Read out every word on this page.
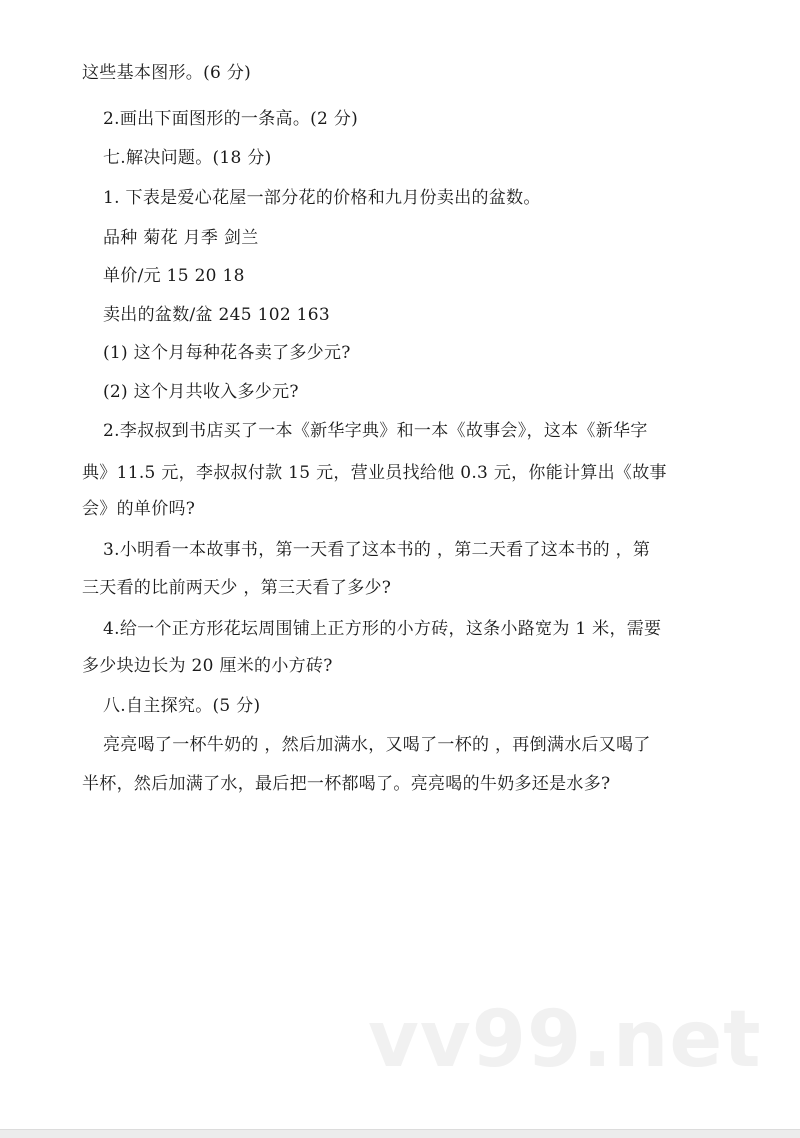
这些基本图形。(6 分)
2.画出下面图形的一条高。(2 分)
七.解决问题。(18 分)
1. 下表是爱心花屋一部分花的价格和九月份卖出的盆数。
品种 菊花 月季 剑兰
单价/元 15 20 18
卖出的盆数/盆 245 102 163
(1) 这个月每种花各卖了多少元?
(2) 这个月共收入多少元?
2.李叔叔到书店买了一本《新华字典》和一本《故事会》，这本《新华字
典》11.5 元，李叔叔付款 15 元，营业员找给他 0.3 元，你能计算出《故事
会》的单价吗?
3.小明看一本故事书，第一天看了这本书的 ，第二天看了这本书的 ，第
三天看的比前两天少 ，第三天看了多少?
4.给一个正方形花坛周围铺上正方形的小方砖，这条小路宽为 1 米，需要
多少块边长为 20 厘米的小方砖?
八.自主探究。(5 分)
亮亮喝了一杯牛奶的 ，然后加满水，又喝了一杯的 ，再倒满水后又喝了
半杯，然后加满了水，最后把一杯都喝了。亮亮喝的牛奶多还是水多?
vv99.net
